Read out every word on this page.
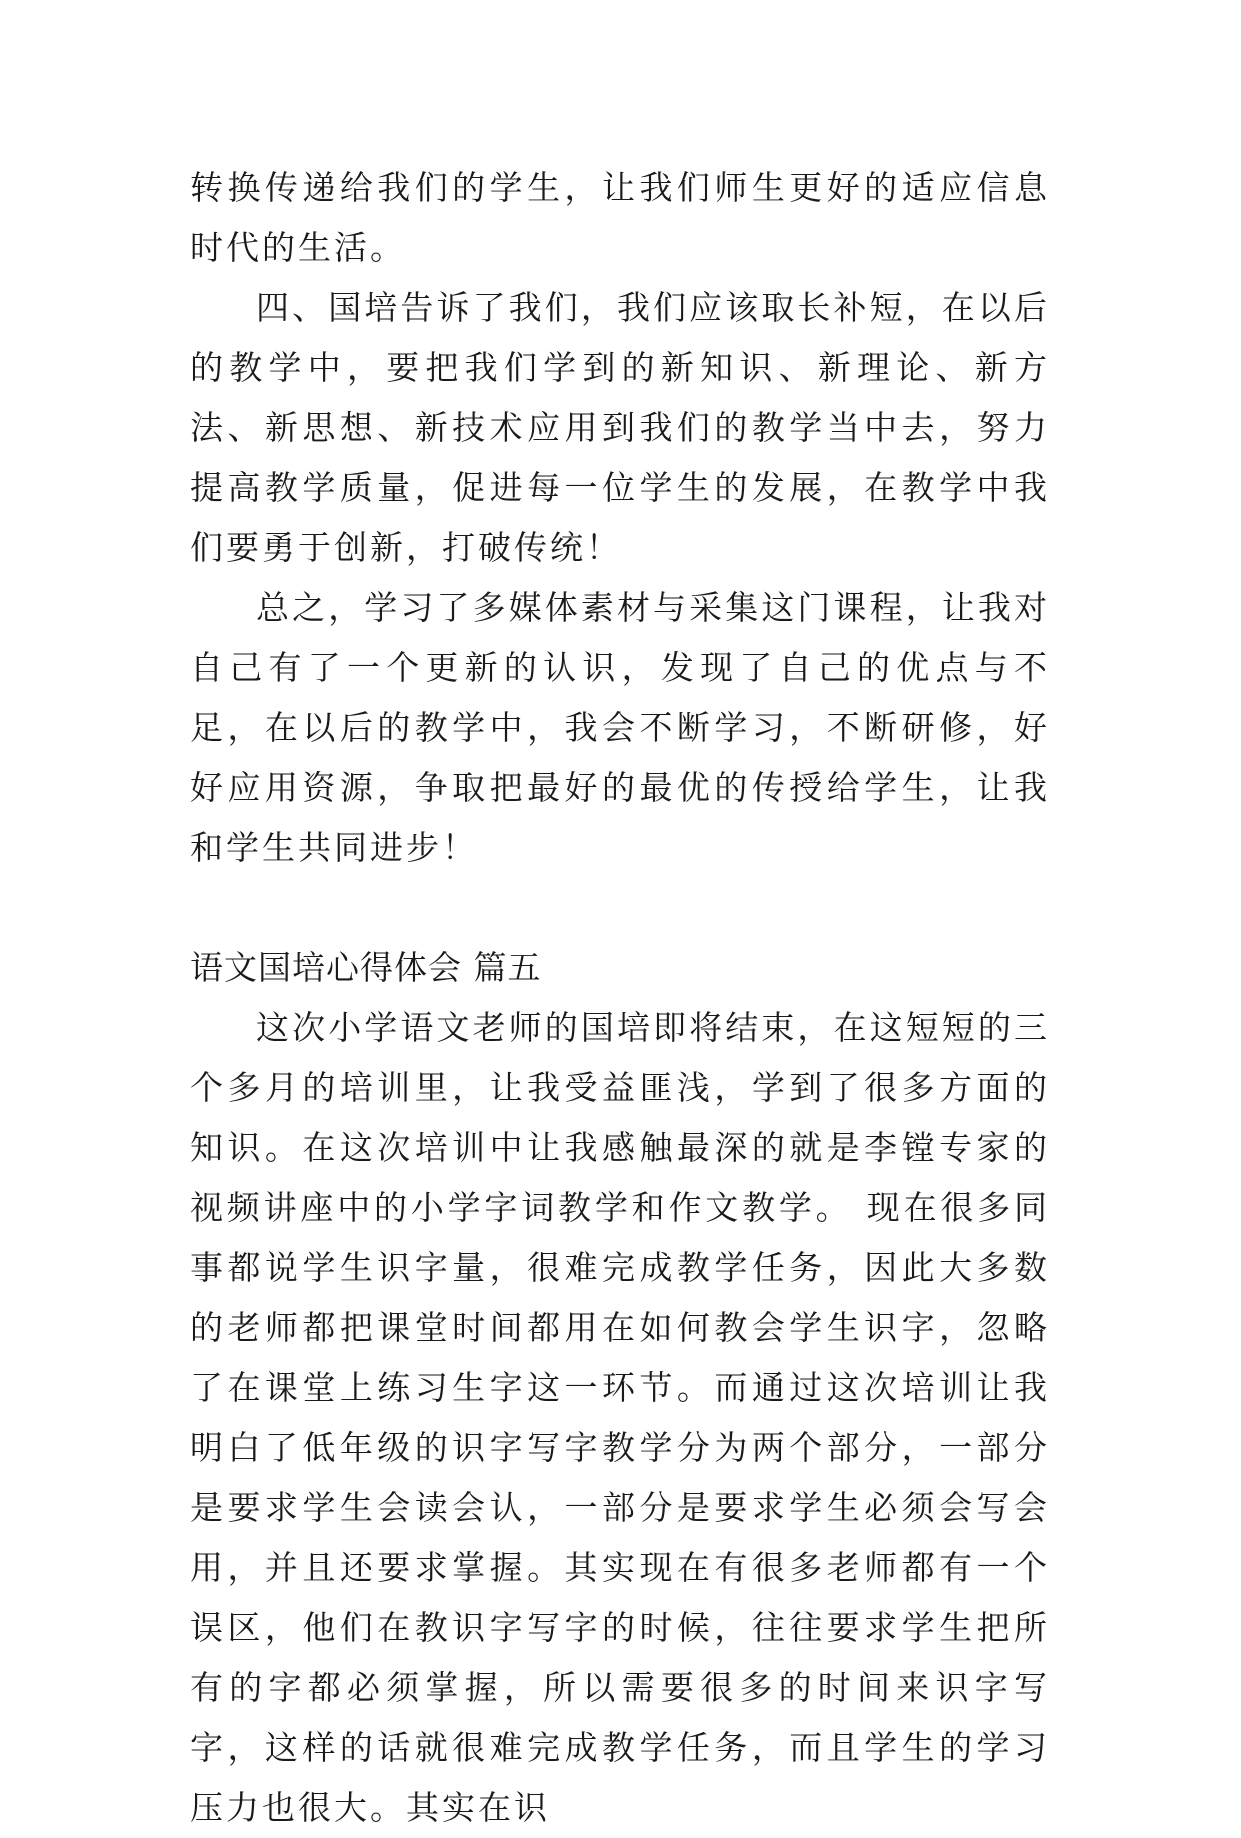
转换传递给我们的学生，让我们师生更好的适应信息时代的生活。

四、国培告诉了我们，我们应该取长补短，在以后的教学中，要把我们学到的新知识、新理论、新方法、新思想、新技术应用到我们的教学当中去，努力提高教学质量，促进每一位学生的发展，在教学中我们要勇于创新，打破传统！

总之，学习了多媒体素材与采集这门课程，让我对自己有了一个更新的认识，发现了自己的优点与不足，在以后的教学中，我会不断学习，不断研修，好好应用资源，争取把最好的最优的传授给学生，让我和学生共同进步！

语文国培心得体会 篇五

这次小学语文老师的国培即将结束，在这短短的三个多月的培训里，让我受益匪浅，学到了很多方面的知识。在这次培训中让我感触最深的就是李镗专家的视频讲座中的小学字词教学和作文教学。 现在很多同事都说学生识字量，很难完成教学任务，因此大多数的老师都把课堂时间都用在如何教会学生识字，忽略了在课堂上练习生字这一环节。而通过这次培训让我明白了低年级的识字写字教学分为两个部分，一部分是要求学生会读会认，一部分是要求学生必须会写会用，并且还要求掌握。其实现在有很多老师都有一个误区，他们在教识字写字的时候，往往要求学生把所有的字都必须掌握，所以需要很多的时间来识字写字，这样的话就很难完成教学任务，而且学生的学习压力也很大。其实在识
